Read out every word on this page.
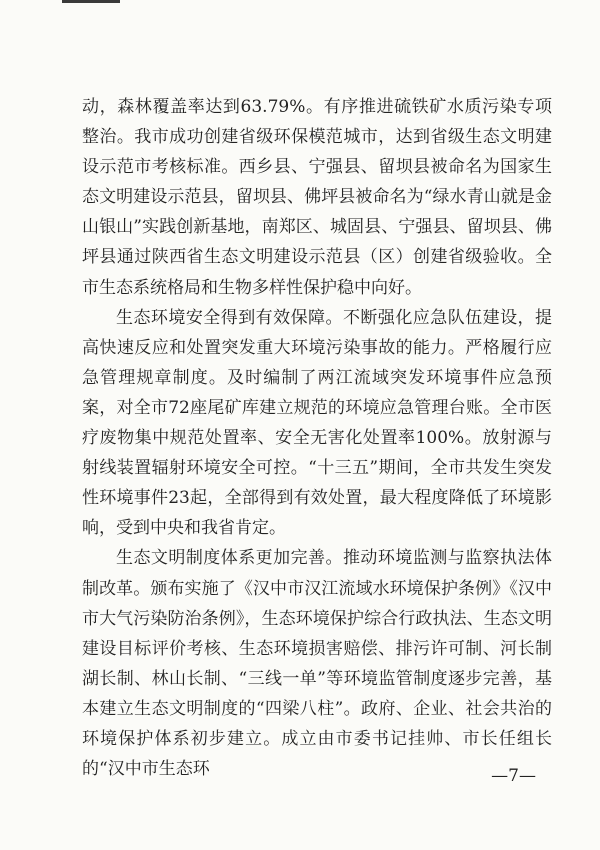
动，森林覆盖率达到63.79%。有序推进硫铁矿水质污染专项整治。我市成功创建省级环保模范城市，达到省级生态文明建设示范市考核标准。西乡县、宁强县、留坝县被命名为国家生态文明建设示范县，留坝县、佛坪县被命名为“绿水青山就是金山银山”实践创新基地，南郑区、城固县、宁强县、留坝县、佛坪县通过陕西省生态文明建设示范县（区）创建省级验收。全市生态系统格局和生物多样性保护稳中向好。

生态环境安全得到有效保障。不断强化应急队伍建设，提高快速反应和处置突发重大环境污染事故的能力。严格履行应急管理规章制度。及时编制了两江流域突发环境事件应急预案，对全市72座尾矿库建立规范的环境应急管理台账。全市医疗废物集中规范处置率、安全无害化处置率100%。放射源与射线装置辐射环境安全可控。“十三五”期间，全市共发生突发性环境事件23起，全部得到有效处置，最大程度降低了环境影响，受到中央和我省肯定。

生态文明制度体系更加完善。推动环境监测与监察执法体制改革。颁布实施了《汉中市汉江流域水环境保护条例》《汉中市大气污染防治条例》，生态环境保护综合行政执法、生态文明建设目标评价考核、生态环境损害赔偿、排污许可制、河长制湖长制、林山长制、“三线一单”等环境监管制度逐步完善，基本建立生态文明制度的“四梁八柱”。政府、企业、社会共治的环境保护体系初步建立。成立由市委书记挂帅、市长任组长的“汉中市生态环	—7—
